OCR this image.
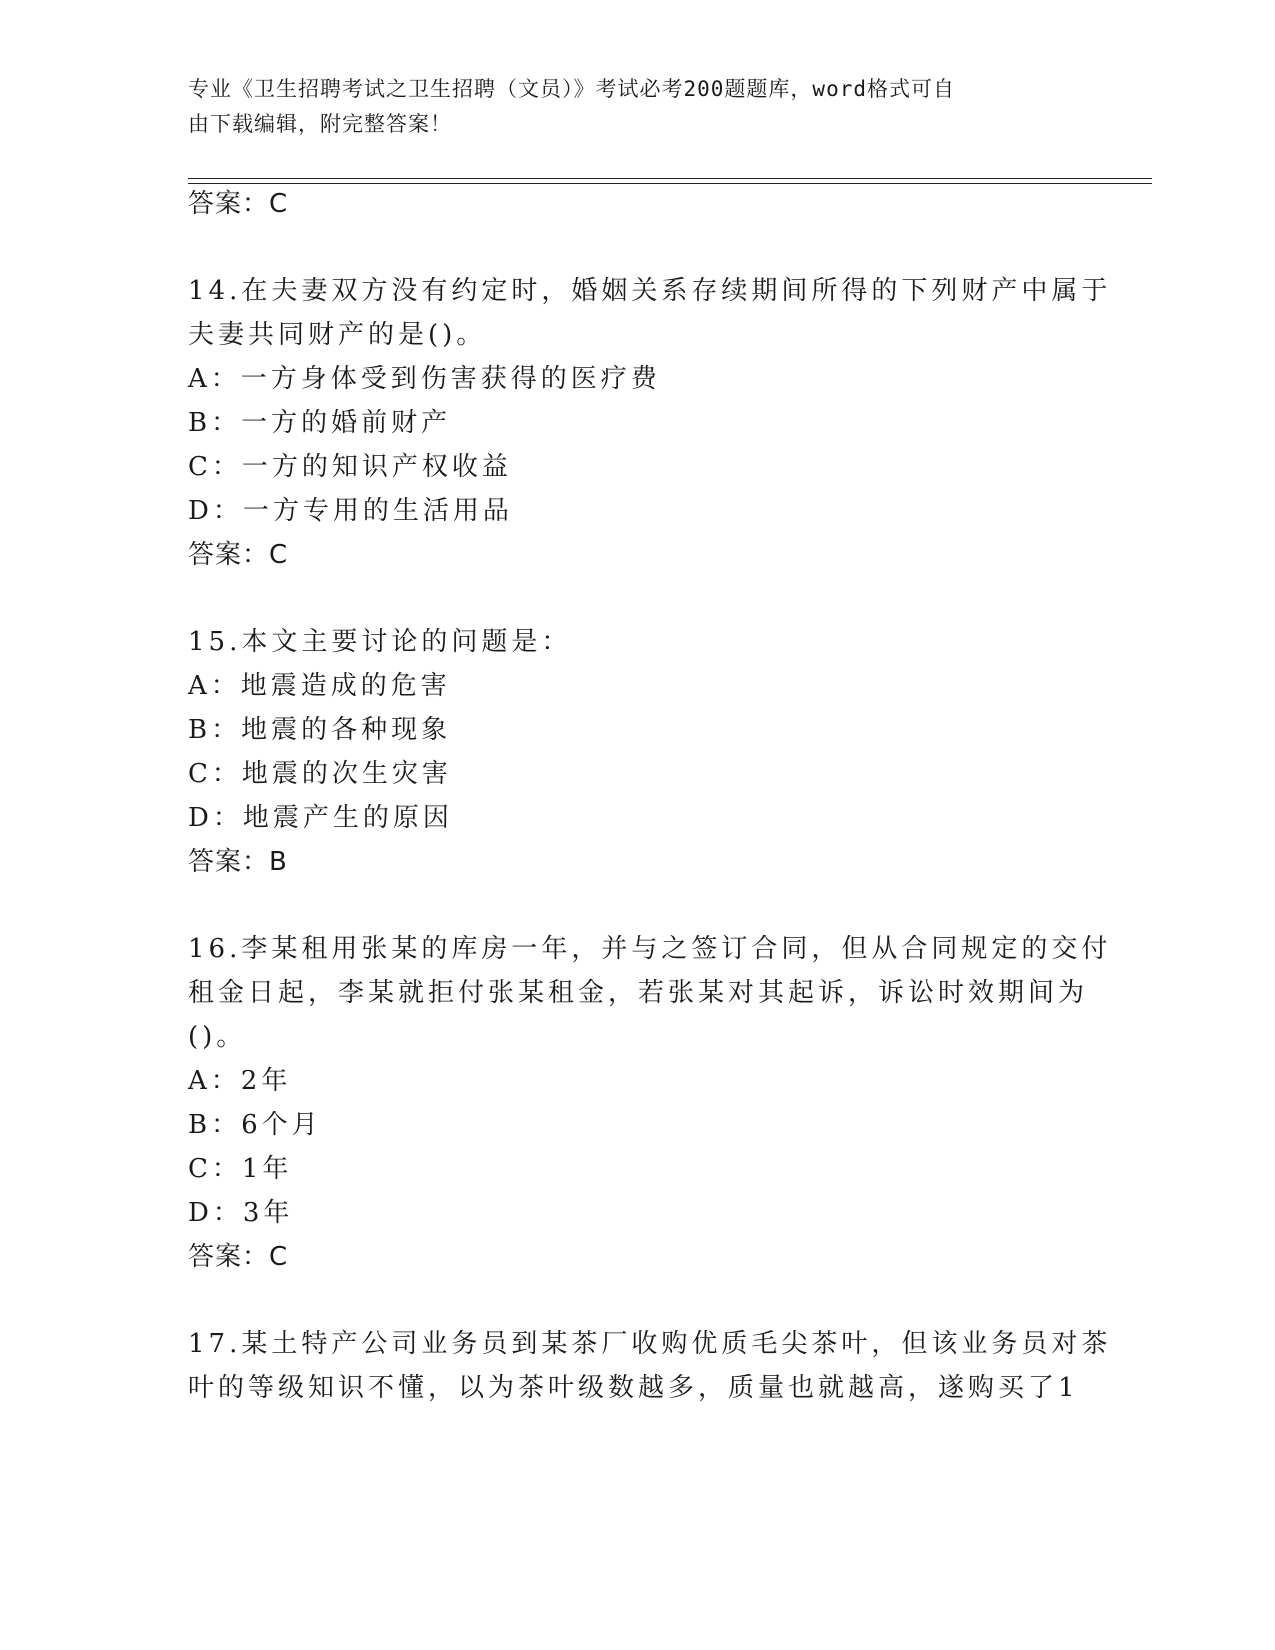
专业《卫生招聘考试之卫生招聘（文员）》考试必考200题题库，word格式可自
由下载编辑，附完整答案！
答案：C
14.在夫妻双方没有约定时，婚姻关系存续期间所得的下列财产中属于
夫妻共同财产的是()。
A：一方身体受到伤害获得的医疗费
B：一方的婚前财产
C：一方的知识产权收益
D：一方专用的生活用品
答案：C
15.本文主要讨论的问题是：
A：地震造成的危害
B：地震的各种现象
C：地震的次生灾害
D：地震产生的原因
答案：B
16.李某租用张某的库房一年，并与之签订合同，但从合同规定的交付
租金日起，李某就拒付张某租金，若张某对其起诉，诉讼时效期间为
()。
A：2年
B：6个月
C：1年
D：3年
答案：C
17.某土特产公司业务员到某茶厂收购优质毛尖茶叶，但该业务员对茶
叶的等级知识不懂，以为茶叶级数越多，质量也就越高，遂购买了1
